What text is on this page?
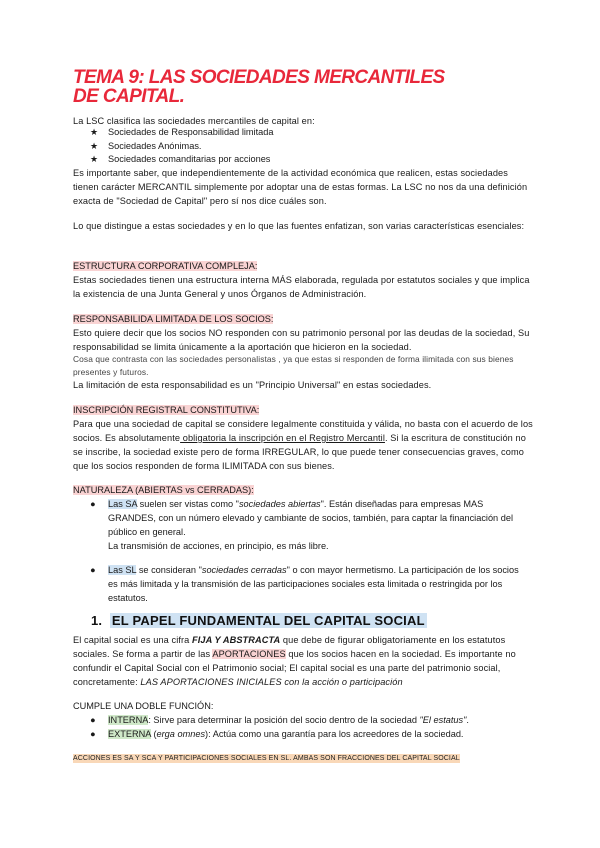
TEMA 9: LAS SOCIEDADES MERCANTILES DE CAPITAL.
La LSC clasifica las sociedades mercantiles de capital en:
★ Sociedades de Responsabilidad limitada
★ Sociedades Anónimas.
★ Sociedades comanditarias por acciones
Es importante saber, que independientemente de la actividad económica que realicen, estas sociedades tienen carácter MERCANTIL simplemente por adoptar una de estas formas. La LSC no nos da una definición exacta de "Sociedad de Capital" pero sí nos dice cuáles son.
Lo que distingue a estas sociedades y en lo que las fuentes enfatizan, son varias características esenciales:
ESTRUCTURA CORPORATIVA COMPLEJA:
Estas sociedades tienen una estructura interna MÁS elaborada, regulada por estatutos sociales y que implica la existencia de una Junta General y unos Órganos de Administración.
RESPONSABILIDA LIMITADA DE LOS SOCIOS:
Esto quiere decir que los socios NO responden con su patrimonio personal por las deudas de la sociedad, Su responsabilidad se limita únicamente a la aportación que hicieron en la sociedad.
Cosa que contrasta con las sociedades personalistas , ya que estas si responden de forma ilimitada con sus bienes presentes y futuros.
La limitación de esta responsabilidad es un "Principio Universal" en estas sociedades.
INSCRIPCIÓN REGISTRAL CONSTITUTIVA:
Para que una sociedad de capital se considere legalmente constituida y válida, no basta con el acuerdo de los socios. Es absolutamente obligatoria la inscripción en el Registro Mercantil. Si la escritura de constitución no se inscribe, la sociedad existe pero de forma IRREGULAR, lo que puede tener consecuencias graves, como que los socios responden de forma ILIMITADA con sus bienes.
NATURALEZA (ABIERTAS vs CERRADAS):
● Las SA suelen ser vistas como "sociedades abiertas". Están diseñadas para empresas MAS GRANDES, con un número elevado y cambiante de socios, también, para captar la financiación del público en general.
La transmisión de acciones, en principio, es más libre.
● Las SL se consideran "sociedades cerradas" o con mayor hermetismo. La participación de los socios es más limitada y la transmisión de las participaciones sociales esta limitada o restringida por los estatutos.
1. EL PAPEL FUNDAMENTAL DEL CAPITAL SOCIAL
El capital social es una cifra FIJA Y ABSTRACTA que debe de figurar obligatoriamente en los estatutos sociales. Se forma a partir de las APORTACIONES que los socios hacen en la sociedad. Es importante no confundir el Capital Social con el Patrimonio social; El capital social es una parte del patrimonio social, concretamente: LAS APORTACIONES INICIALES con la acción o participación
CUMPLE UNA DOBLE FUNCIÓN:
● INTERNA: Sirve para determinar la posición del socio dentro de la sociedad "El estatus".
● EXTERNA (erga omnes): Actúa como una garantía para los acreedores de la sociedad.
ACCIONES ES SA Y SCA Y PARTICIPACIONES SOCIALES EN SL. AMBAS SON FRACCIONES DEL CAPITAL SOCIAL
